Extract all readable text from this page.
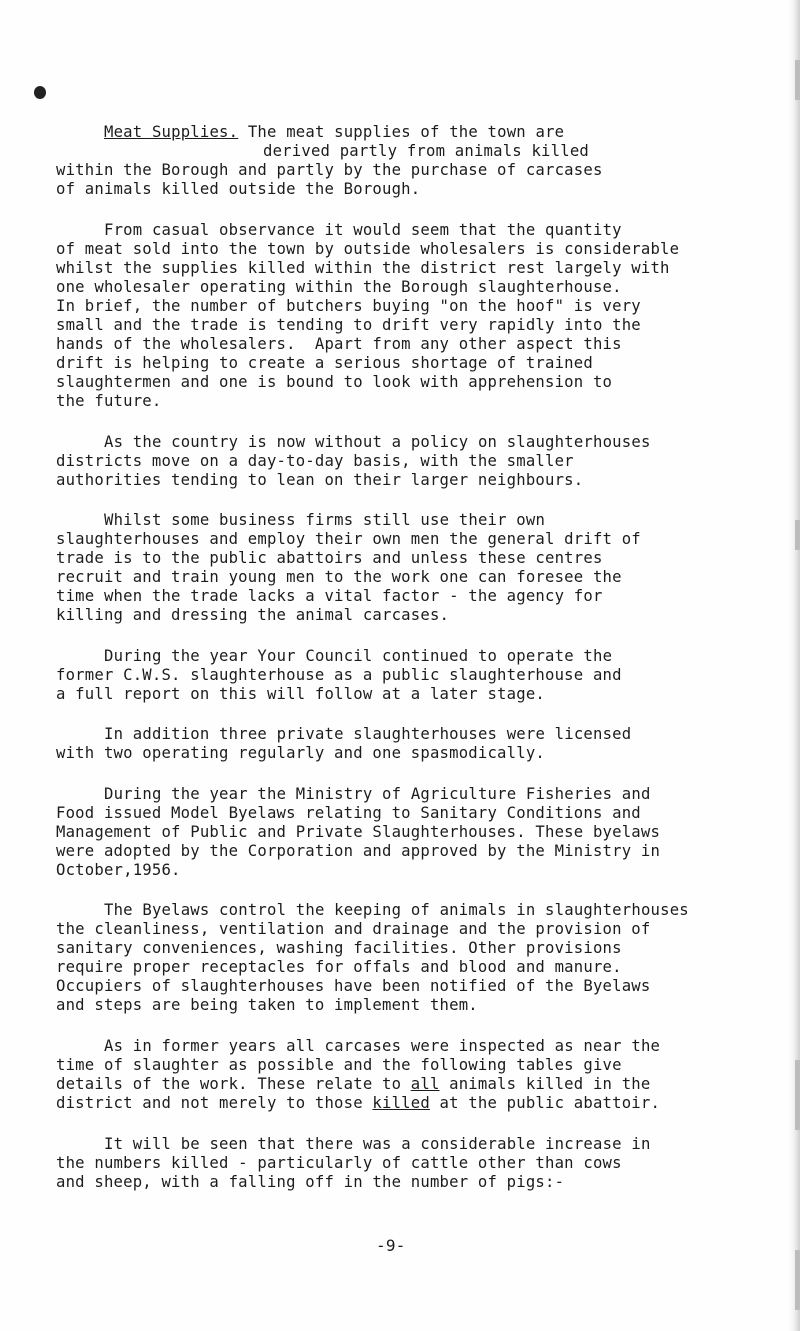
Meat Supplies. The meat supplies of the town are
derived partly from animals killed
within the Borough and partly by the purchase of carcases
of animals killed outside the Borough.
From casual observance it would seem that the quantity
of meat sold into the town by outside wholesalers is considerable
whilst the supplies killed within the district rest largely with
one wholesaler operating within the Borough slaughterhouse.
In brief, the number of butchers buying "on the hoof" is very
small and the trade is tending to drift very rapidly into the
hands of the wholesalers.  Apart from any other aspect this
drift is helping to create a serious shortage of trained
slaughtermen and one is bound to look with apprehension to
the future.
As the country is now without a policy on slaughterhouses
districts move on a day-to-day basis, with the smaller
authorities tending to lean on their larger neighbours.
Whilst some business firms still use their own
slaughterhouses and employ their own men the general drift of
trade is to the public abattoirs and unless these centres
recruit and train young men to the work one can foresee the
time when the trade lacks a vital factor - the agency for
killing and dressing the animal carcases.
During the year Your Council continued to operate the
former C.W.S. slaughterhouse as a public slaughterhouse and
a full report on this will follow at a later stage.
In addition three private slaughterhouses were licensed
with two operating regularly and one spasmodically.
During the year the Ministry of Agriculture Fisheries and
Food issued Model Byelaws relating to Sanitary Conditions and
Management of Public and Private Slaughterhouses. These byelaws
were adopted by the Corporation and approved by the Ministry in
October,1956.
The Byelaws control the keeping of animals in slaughterhouses
the cleanliness, ventilation and drainage and the provision of
sanitary conveniences, washing facilities. Other provisions
require proper receptacles for offals and blood and manure.
Occupiers of slaughterhouses have been notified of the Byelaws
and steps are being taken to implement them.
As in former years all carcases were inspected as near the
time of slaughter as possible and the following tables give
details of the work. These relate to all animals killed in the
district and not merely to those killed at the public abattoir.
It will be seen that there was a considerable increase in
the numbers killed - particularly of cattle other than cows
and sheep, with a falling off in the number of pigs:-
-9-
